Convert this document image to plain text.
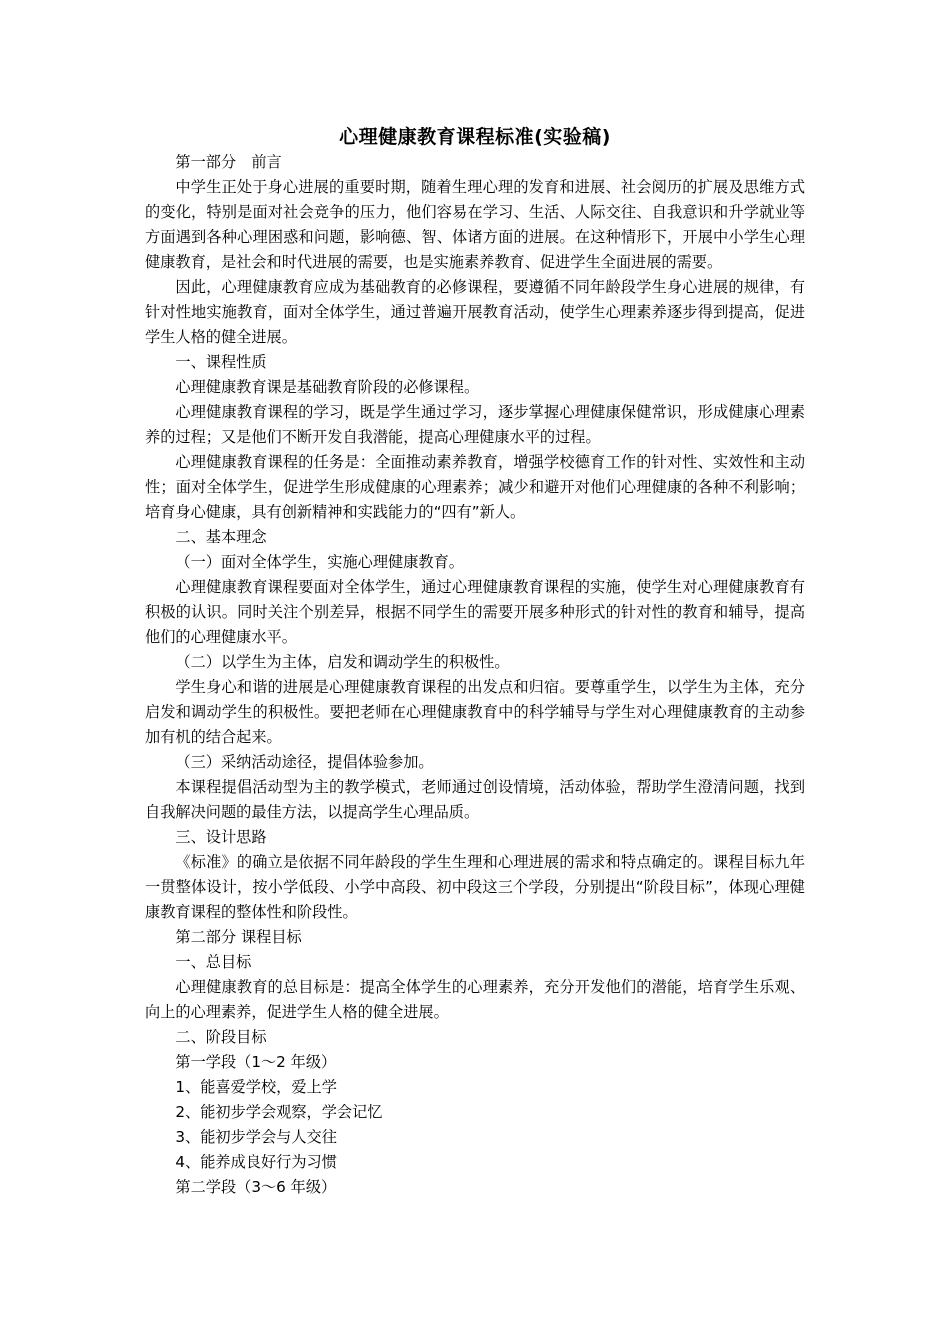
心理健康教育课程标准(实验稿)

第一部分　前言

中学生正处于身心进展的重要时期，随着生理心理的发育和进展、社会阅历的扩展及思维方式的变化，特别是面对社会竞争的压力，他们容易在学习、生活、人际交往、自我意识和升学就业等方面遇到各种心理困惑和问题，影响德、智、体诸方面的进展。在这种情形下，开展中小学生心理健康教育，是社会和时代进展的需要，也是实施素养教育、促进学生全面进展的需要。

因此，心理健康教育应成为基础教育的必修课程，要遵循不同年龄段学生身心进展的规律，有针对性地实施教育，面对全体学生，通过普遍开展教育活动，使学生心理素养逐步得到提高，促进学生人格的健全进展。

一、课程性质

心理健康教育课是基础教育阶段的必修课程。

心理健康教育课程的学习，既是学生通过学习，逐步掌握心理健康保健常识，形成健康心理素养的过程；又是他们不断开发自我潜能，提高心理健康水平的过程。

心理健康教育课程的任务是：全面推动素养教育，增强学校德育工作的针对性、实效性和主动性；面对全体学生，促进学生形成健康的心理素养；减少和避开对他们心理健康的各种不利影响；培育身心健康，具有创新精神和实践能力的“四有”新人。

二、基本理念

（一）面对全体学生，实施心理健康教育。

心理健康教育课程要面对全体学生，通过心理健康教育课程的实施，使学生对心理健康教育有积极的认识。同时关注个别差异，根据不同学生的需要开展多种形式的针对性的教育和辅导，提高他们的心理健康水平。

（二）以学生为主体，启发和调动学生的积极性。

学生身心和谐的进展是心理健康教育课程的出发点和归宿。要尊重学生，以学生为主体，充分启发和调动学生的积极性。要把老师在心理健康教育中的科学辅导与学生对心理健康教育的主动参加有机的结合起来。

（三）采纳活动途径，提倡体验参加。

本课程提倡活动型为主的教学模式，老师通过创设情境，活动体验，帮助学生澄清问题，找到自我解决问题的最佳方法，以提高学生心理品质。

三、设计思路

《标准》的确立是依据不同年龄段的学生生理和心理进展的需求和特点确定的。课程目标九年一贯整体设计，按小学低段、小学中高段、初中段这三个学段，分别提出“阶段目标”，体现心理健康教育课程的整体性和阶段性。

第二部分 课程目标

一、总目标

心理健康教育的总目标是：提高全体学生的心理素养，充分开发他们的潜能，培育学生乐观、向上的心理素养，促进学生人格的健全进展。

二、阶段目标

第一学段（1～2 年级）

1、能喜爱学校，爱上学

2、能初步学会观察，学会记忆

3、能初步学会与人交往

4、能养成良好行为习惯

第二学段（3～6 年级）
